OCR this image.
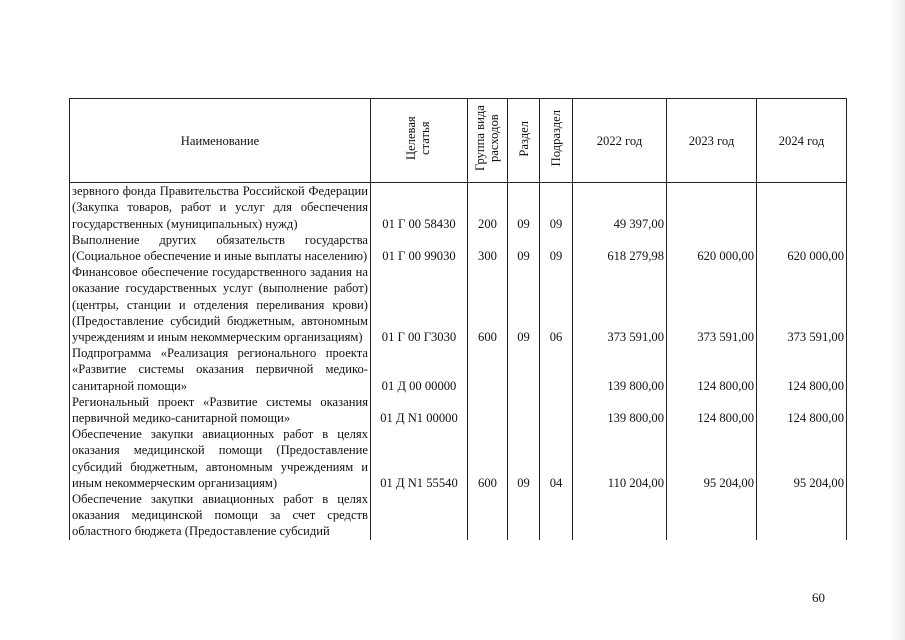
Наименование	Целевая статья	Группа вида расходов	Раздел	Подраздел	2022 год	2023 год	2024 год
зервного фонда Правительства Российской Федерации (Закупка товаров, работ и услуг для обеспечения государственных (муниципальных) нужд)	01 Г 00 58430	200	09	09	49 397,00		
Выполнение других обязательств государства (Социальное обеспечение и иные выплаты населению)	01 Г 00 99030	300	09	09	618 279,98	620 000,00	620 000,00
Финансовое обеспечение государственного задания на оказание государственных услуг (выполнение работ) (центры, станции и отделения переливания крови) (Предоставление субсидий бюджетным, автономным учреждениям и иным некоммерческим организациям)	01 Г 00 Г3030	600	09	06	373 591,00	373 591,00	373 591,00
Подпрограмма «Реализация регионального проекта «Развитие системы оказания первичной медико-санитарной помощи»	01 Д 00 00000				139 800,00	124 800,00	124 800,00
Региональный проект «Развитие системы оказания первичной медико-санитарной помощи»	01 Д N1 00000				139 800,00	124 800,00	124 800,00
Обеспечение закупки авиационных работ в целях оказания медицинской помощи (Предоставление субсидий бюджетным, автономным учреждениям и иным некоммерческим организациям)	01 Д N1 55540	600	09	04	110 204,00	95 204,00	95 204,00
Обеспечение закупки авиационных работ в целях оказания медицинской помощи за счет средств областного бюджета (Предоставление субсидий							
60
